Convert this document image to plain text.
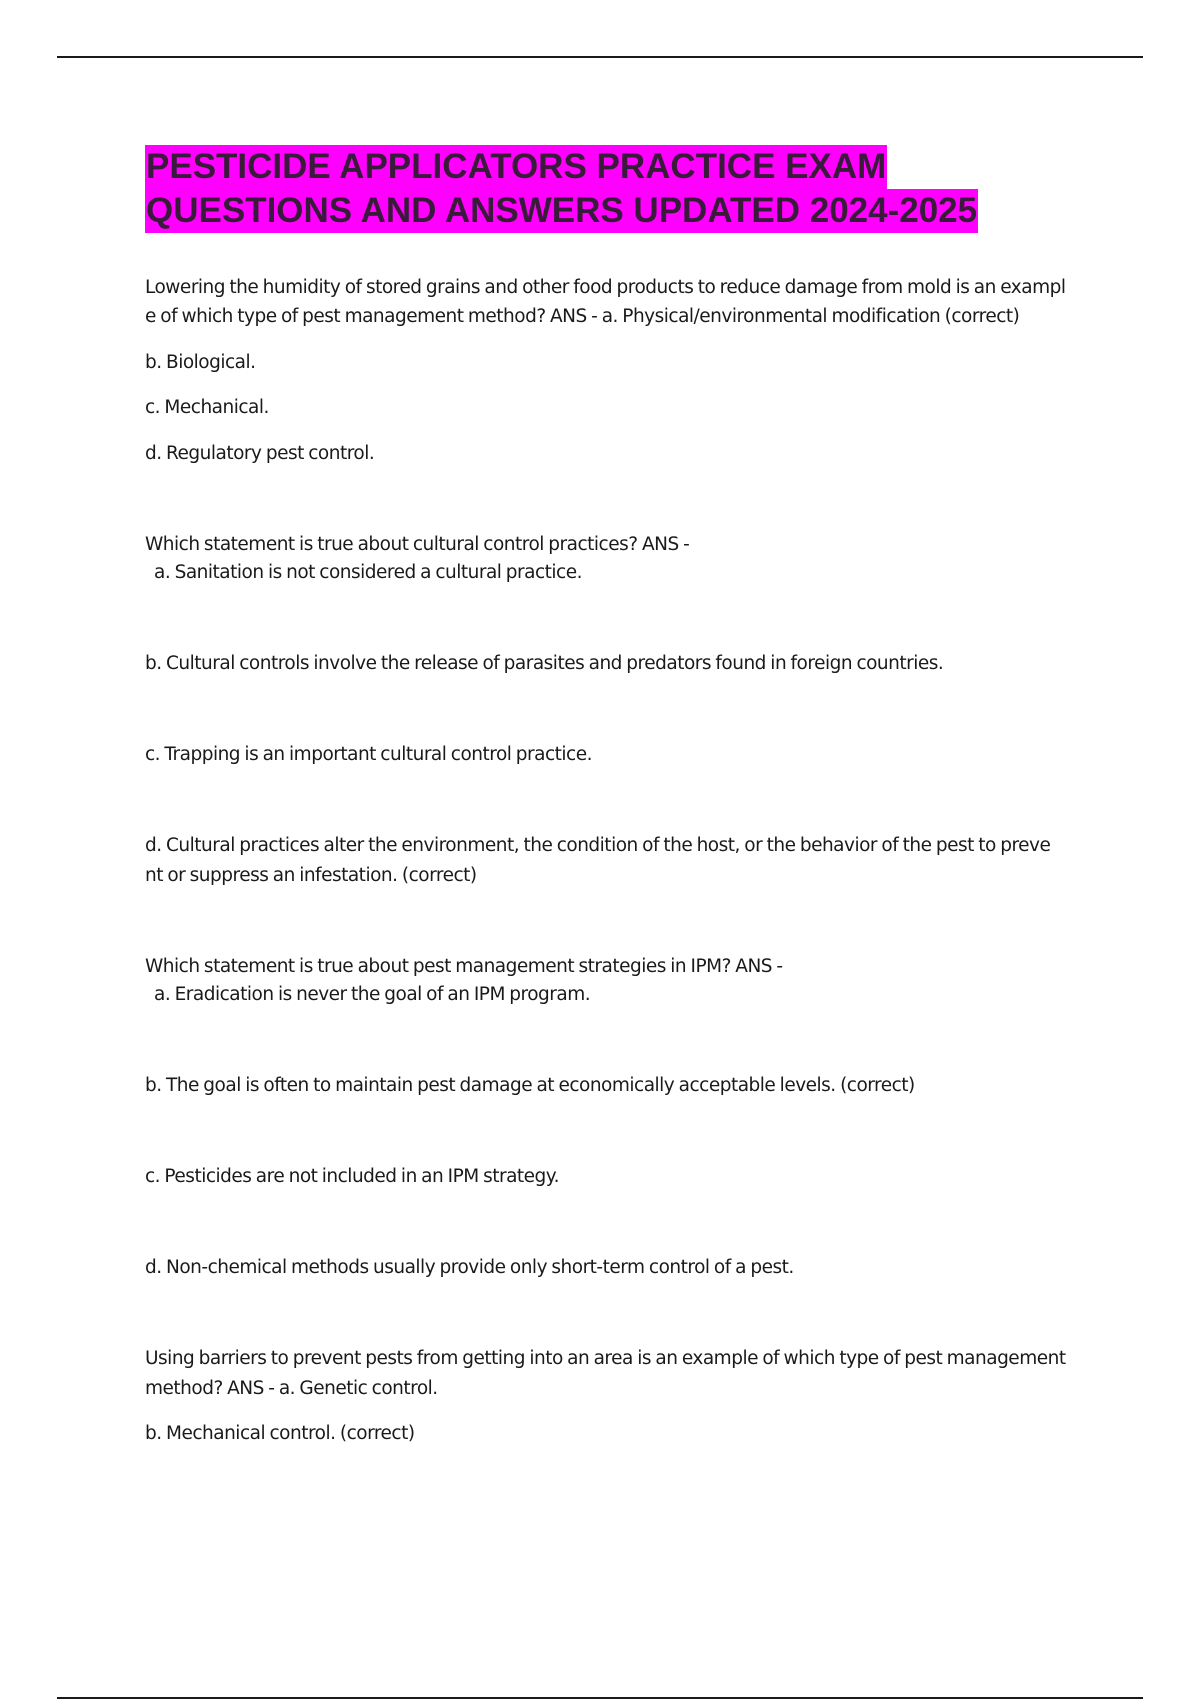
PESTICIDE APPLICATORS PRACTICE EXAM
QUESTIONS AND ANSWERS UPDATED 2024-2025

Lowering the humidity of stored grains and other food products to reduce damage from mold is an exampl

e of which type of pest management method? ANS - a. Physical/environmental modification (correct)

b. Biological.

c. Mechanical.

d. Regulatory pest control.

Which statement is true about cultural control practices? ANS -

a. Sanitation is not considered a cultural practice.

b. Cultural controls involve the release of parasites and predators found in foreign countries.

c. Trapping is an important cultural control practice.

d. Cultural practices alter the environment, the condition of the host, or the behavior of the pest to preve

nt or suppress an infestation. (correct)

Which statement is true about pest management strategies in IPM? ANS -

a. Eradication is never the goal of an IPM program.

b. The goal is often to maintain pest damage at economically acceptable levels. (correct)

c. Pesticides are not included in an IPM strategy.

d. Non-chemical methods usually provide only short-term control of a pest.

Using barriers to prevent pests from getting into an area is an example of which type of pest management

method? ANS - a. Genetic control.

b. Mechanical control. (correct)
